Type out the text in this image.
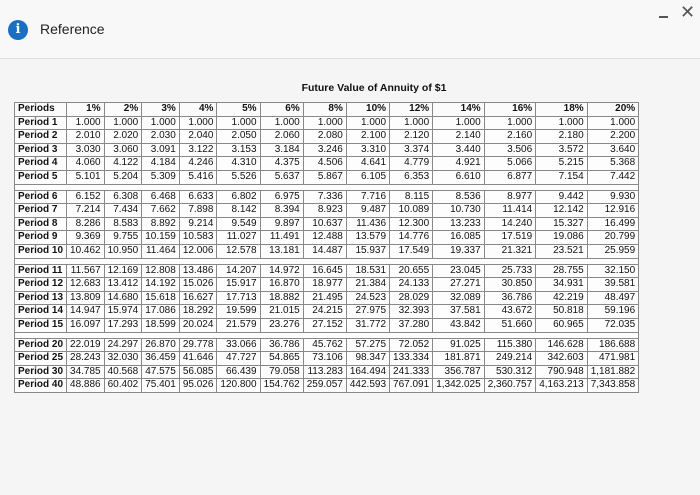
i	Reference
✕
Future Value of Annuity of $1
Periods	1%	2%	3%	4%	5%	6%	8%	10%	12%	14%	16%	18%	20%
Period 1	1.000	1.000	1.000	1.000	1.000	1.000	1.000	1.000	1.000	1.000	1.000	1.000	1.000
Period 2	2.010	2.020	2.030	2.040	2.050	2.060	2.080	2.100	2.120	2.140	2.160	2.180	2.200
Period 3	3.030	3.060	3.091	3.122	3.153	3.184	3.246	3.310	3.374	3.440	3.506	3.572	3.640
Period 4	4.060	4.122	4.184	4.246	4.310	4.375	4.506	4.641	4.779	4.921	5.066	5.215	5.368
Period 5	5.101	5.204	5.309	5.416	5.526	5.637	5.867	6.105	6.353	6.610	6.877	7.154	7.442

Period 6	6.152	6.308	6.468	6.633	6.802	6.975	7.336	7.716	8.115	8.536	8.977	9.442	9.930
Period 7	7.214	7.434	7.662	7.898	8.142	8.394	8.923	9.487	10.089	10.730	11.414	12.142	12.916
Period 8	8.286	8.583	8.892	9.214	9.549	9.897	10.637	11.436	12.300	13.233	14.240	15.327	16.499
Period 9	9.369	9.755	10.159	10.583	11.027	11.491	12.488	13.579	14.776	16.085	17.519	19.086	20.799
Period 10	10.462	10.950	11.464	12.006	12.578	13.181	14.487	15.937	17.549	19.337	21.321	23.521	25.959

Period 11	11.567	12.169	12.808	13.486	14.207	14.972	16.645	18.531	20.655	23.045	25.733	28.755	32.150
Period 12	12.683	13.412	14.192	15.026	15.917	16.870	18.977	21.384	24.133	27.271	30.850	34.931	39.581
Period 13	13.809	14.680	15.618	16.627	17.713	18.882	21.495	24.523	28.029	32.089	36.786	42.219	48.497
Period 14	14.947	15.974	17.086	18.292	19.599	21.015	24.215	27.975	32.393	37.581	43.672	50.818	59.196
Period 15	16.097	17.293	18.599	20.024	21.579	23.276	27.152	31.772	37.280	43.842	51.660	60.965	72.035

Period 20	22.019	24.297	26.870	29.778	33.066	36.786	45.762	57.275	72.052	91.025	115.380	146.628	186.688
Period 25	28.243	32.030	36.459	41.646	47.727	54.865	73.106	98.347	133.334	181.871	249.214	342.603	471.981
Period 30	34.785	40.568	47.575	56.085	66.439	79.058	113.283	164.494	241.333	356.787	530.312	790.948	1,181.882
Period 40	48.886	60.402	75.401	95.026	120.800	154.762	259.057	442.593	767.091	1,342.025	2,360.757	4,163.213	7,343.858
